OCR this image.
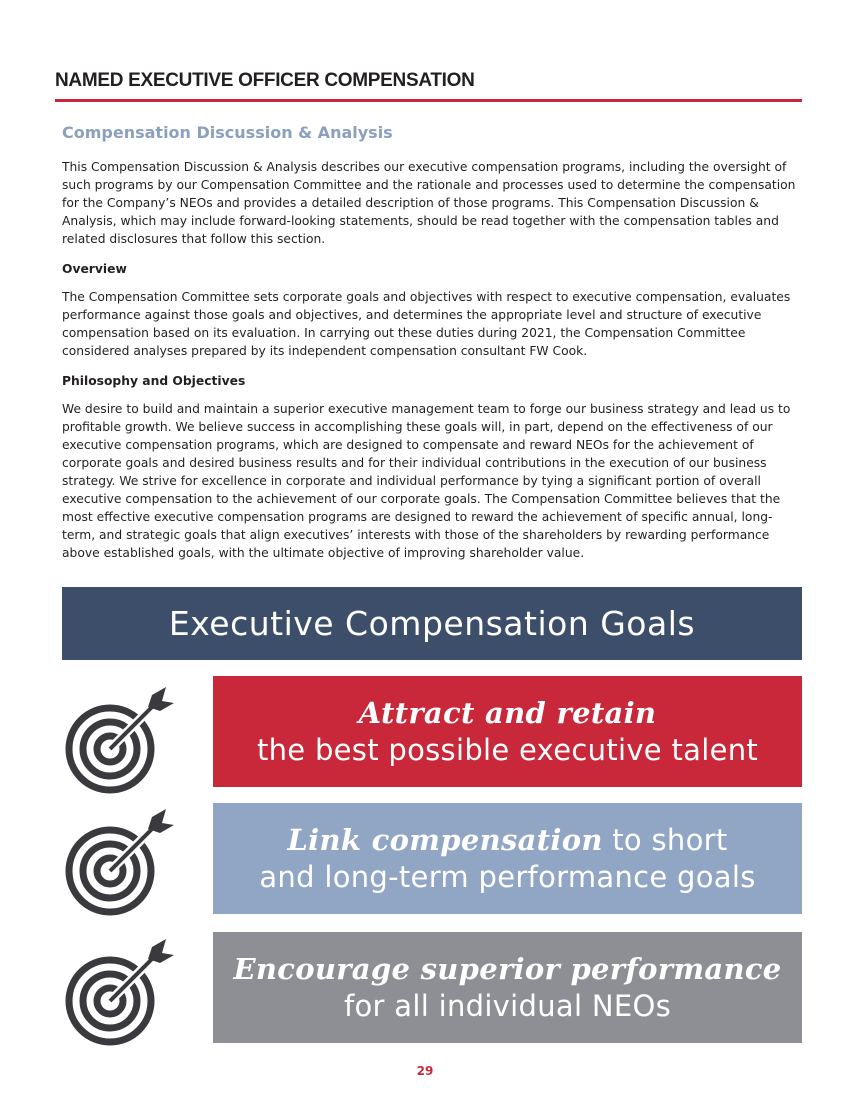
NAMED EXECUTIVE OFFICER COMPENSATION
Compensation Discussion & Analysis

This Compensation Discussion & Analysis describes our executive compensation programs, including the oversight of such programs by our Compensation Committee and the rationale and processes used to determine the compensation for the Company’s NEOs and provides a detailed description of those programs. This Compensation Discussion & Analysis, which may include forward-looking statements, should be read together with the compensation tables and related disclosures that follow this section.

Overview

The Compensation Committee sets corporate goals and objectives with respect to executive compensation, evaluates performance against those goals and objectives, and determines the appropriate level and structure of executive compensation based on its evaluation. In carrying out these duties during 2021, the Compensation Committee considered analyses prepared by its independent compensation consultant FW Cook.

Philosophy and Objectives

We desire to build and maintain a superior executive management team to forge our business strategy and lead us to profitable growth. We believe success in accomplishing these goals will, in part, depend on the effectiveness of our executive compensation programs, which are designed to compensate and reward NEOs for the achievement of corporate goals and desired business results and for their individual contributions in the execution of our business strategy. We strive for excellence in corporate and individual performance by tying a significant portion of overall executive compensation to the achievement of our corporate goals. The Compensation Committee believes that the most effective executive compensation programs are designed to reward the achievement of specific annual, long-term, and strategic goals that align executives’ interests with those of the shareholders by rewarding performance above established goals, with the ultimate objective of improving shareholder value.

Executive Compensation Goals
Attract and retain
the best possible executive talent
Link compensation to short
and long-term performance goals
Encourage superior performance
for all individual NEOs
29
